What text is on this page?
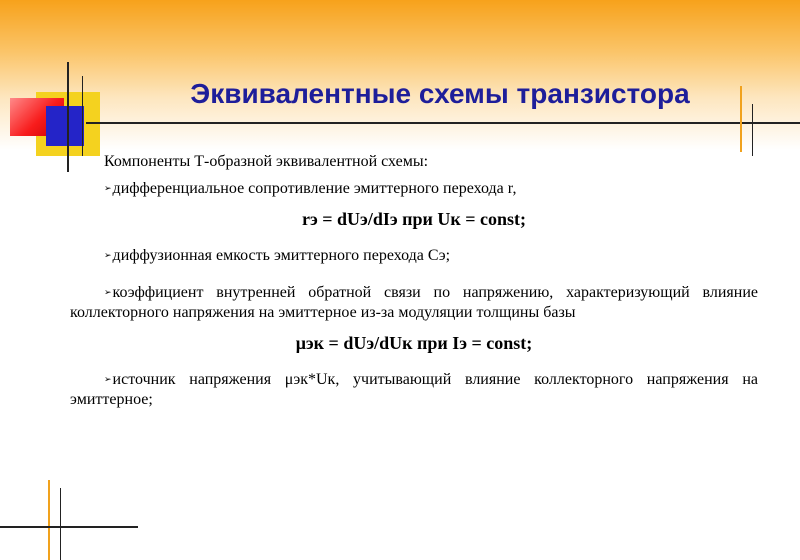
Эквивалентные схемы транзистора

Компоненты Т-образной эквивалентной схемы:

➢ дифференциальное сопротивление эмиттерного перехода r,

rэ = dUэ/dIэ при Uк = const;

➢ диффузионная емкость эмиттерного перехода Сэ;

➢ коэффициент внутренней обратной связи по напряжению, характеризующий влияние коллекторного напряжения на эмиттерное из-за модуляции толщины базы

μэк = dUэ/dUк при Iэ = const;

➢ источник напряжения μэк*Uк, учитывающий влияние коллекторного напряжения на эмиттерное;
